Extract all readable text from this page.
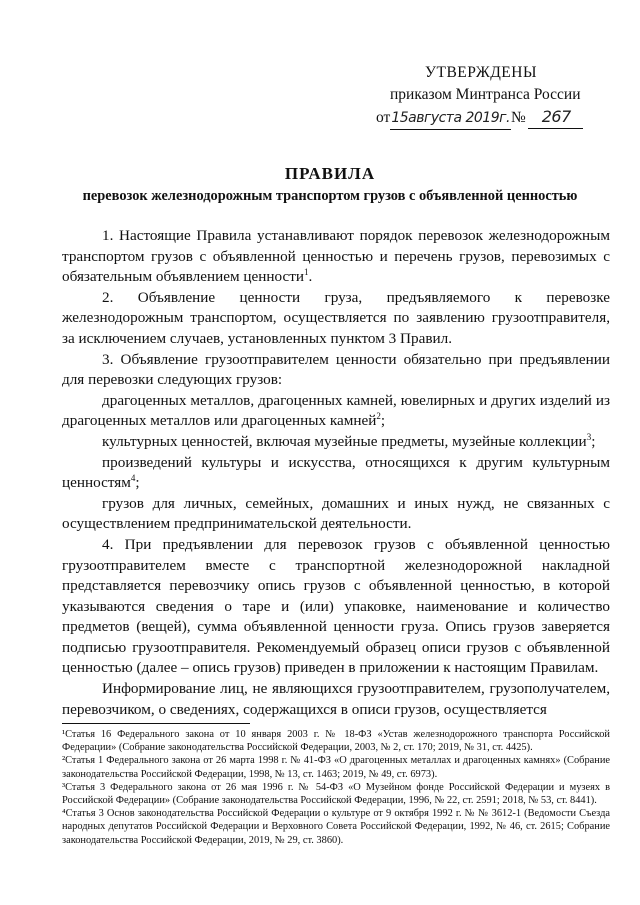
УТВЕРЖДЕНЫ
приказом Минтранса России
от 15августа 2019г. №	267
ПРАВИЛА
перевозок железнодорожным транспортом грузов с объявленной ценностью

1. Настоящие Правила устанавливают порядок перевозок железнодорожным транспортом грузов с объявленной ценностью и перечень грузов, перевозимых с обязательным объявлением ценности$^1$.

2. Объявление ценности груза, предъявляемого к перевозке железнодорожным транспортом, осуществляется по заявлению грузоотправителя, за исключением случаев, установленных пунктом 3 Правил.

3. Объявление грузоотправителем ценности обязательно при предъявлении для перевозки следующих грузов:

драгоценных металлов, драгоценных камней, ювелирных и других изделий из драгоценных металлов или драгоценных камней$^2$;

культурных ценностей, включая музейные предметы, музейные коллекции$^3$;

произведений культуры и искусства, относящихся к другим культурным ценностям$^4$;

грузов для личных, семейных, домашних и иных нужд, не связанных с осуществлением предпринимательской деятельности.

4. При предъявлении для перевозок грузов с объявленной ценностью грузоотправителем вместе с транспортной железнодорожной накладной представляется перевозчику опись грузов с объявленной ценностью, в которой указываются сведения о таре и (или) упаковке, наименование и количество предметов (вещей), сумма объявленной ценности груза. Опись грузов заверяется подписью грузоотправителя. Рекомендуемый образец описи грузов с объявленной ценностью (далее – опись грузов) приведен в приложении к настоящим Правилам.

Информирование лиц, не являющихся грузоотправителем, грузополучателем, перевозчиком, о сведениях, содержащихся в описи грузов, осуществляется

¹Статья 16 Федерального закона от 10 января 2003 г. № 18-ФЗ «Устав железнодорожного транспорта Российской Федерации» (Собрание законодательства Российской Федерации, 2003, № 2, ст. 170; 2019, № 31, ст. 4425).

²Статья 1 Федерального закона от 26 марта 1998 г. № 41-ФЗ «О драгоценных металлах и драгоценных камнях» (Собрание законодательства Российской Федерации, 1998, № 13, ст. 1463; 2019, № 49, ст. 6973).

³Статья 3 Федерального закона от 26 мая 1996 г. № 54-ФЗ «О Музейном фонде Российской Федерации и музеях в Российской Федерации» (Собрание законодательства Российской Федерации, 1996, № 22, ст. 2591; 2018, № 53, ст. 8441).

⁴Статья 3 Основ законодательства Российской Федерации о культуре от 9 октября 1992 г. № № 3612-1 (Ведомости Съезда народных депутатов Российской Федерации и Верховного Совета Российской Федерации, 1992, № 46, ст. 2615; Собрание законодательства Российской Федерации, 2019, № 29, ст. 3860).
